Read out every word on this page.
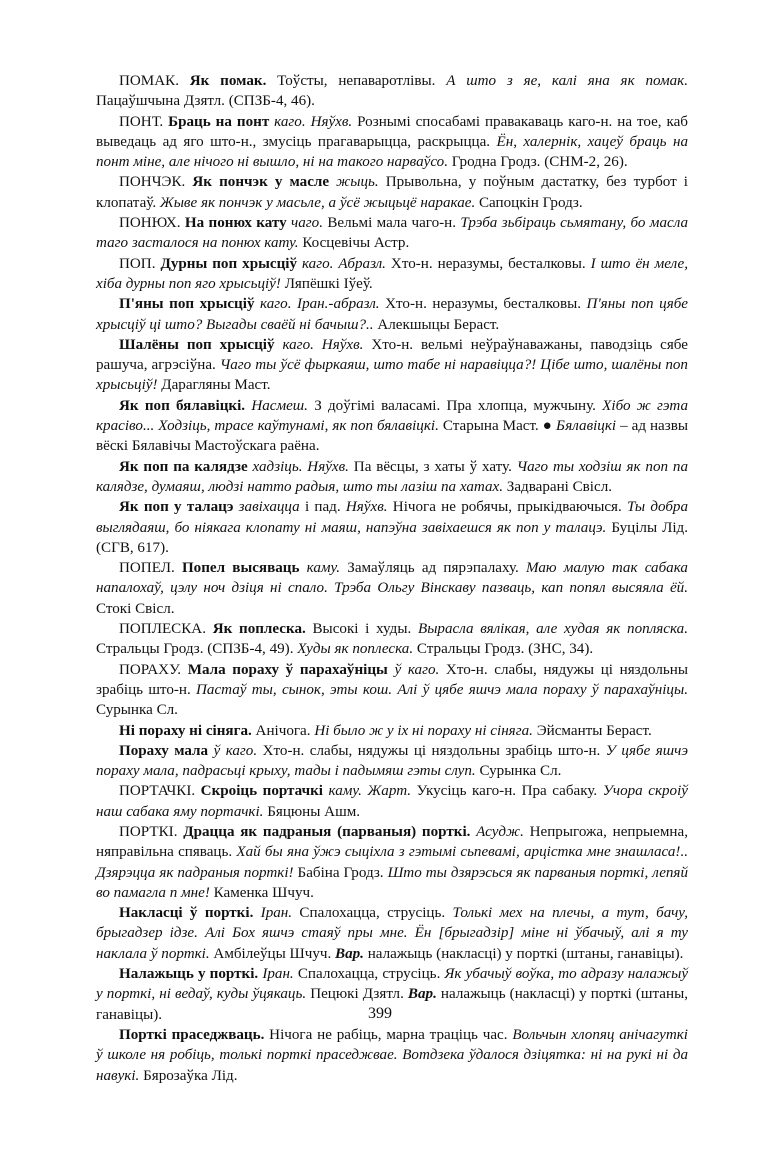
ПОМАК. Як помак. Тоўсты, непаваротлівы. А што з яе, калі яна як помак. Пацаўшчына Дзятл. (СПЗБ-4, 46).

ПОНТ. Браць на понт каго. Няўхв. Рознымі спосабамі правакаваць каго-н. на тое, каб выведаць ад яго што-н., змусіць прагаварыцца, раскрыцца. Ён, халернік, хацеў браць на понт міне, але нічого ні вышло, ні на такого нарваўсо. Гродна Гродз. (СНМ-2, 26).

ПОНЧЭК. Як пончэк у масле жыць. Прывольна, у поўным дастатку, без турбот і клопатаў. Жыве як пончэк у масьле, а ўсё жыцьцё наракае. Сапоцкін Гродз.

ПОНЮХ. На понюх кату чаго. Вельмі мала чаго-н. Трэба зьбіраць сьмятану, бо масла таго засталося на понюх кату. Косцевічы Астр.

ПОП. Дурны поп хрысціў каго. Абразл. Хто-н. неразумы, бесталковы. І што ён меле, хіба дурны поп яго хрысьціў! Ляпёшкі Іўеў.

П'яны поп хрысціў каго. Іран.-абразл. Хто-н. неразумы, бесталковы. П'яны поп цябе хрысціў ці што? Выгады сваёй ні бачыш?.. Алекшыцы Бераст.

Шалёны поп хрысціў каго. Няўхв. Хто-н. вельмі неўраўнаважаны, паводзіць сябе рашуча, агрэсіўна. Чаго ты ўсё фыркаяш, што табе ні наравіцца?! Цібе што, шалёны поп хрысьціў! Дарагляны Маст.

Як поп бялавіцкі. Насмеш. З доўгімі валасамі. Пра хлопца, мужчыну. Хібо ж гэта красіво... Ходзіць, трасе каўтунамі, як поп бялавіцкі. Старына Маст. ● Бялавіцкі – ад назвы вёскі Бялавічы Мастоўскага раёна.

Як поп па калядзе хадзіць. Няўхв. Па вёсцы, з хаты ў хату. Чаго ты ходзіш як поп па калядзе, думаяш, людзі натто радыя, што ты лазіш па хатах. Задварані Свісл.

Як поп у талацэ завіхацца і пад. Няўхв. Нічога не робячы, прыкідваючыся. Ты добра выглядаяш, бо ніякага клопату ні маяш, напэўна завіхаешся як поп у талацэ. Буцілы Лід. (СГВ, 617).

ПОПЕЛ. Попел высяваць каму. Замаўляць ад пярэпалаху. Маю малую так сабака напалохаў, цэлу ноч дзіця ні спало. Трэба Ольгу Вінскаву пазваць, кап попял высяяла ёй. Стокі Свісл.

ПОПЛЕСКА. Як поплеска. Высокі і худы. Вырасла вялікая, але худая як попляска. Стральцы Гродз. (СПЗБ-4, 49). Худы як поплеска. Стральцы Гродз. (ЗНС, 34).

ПОРАХУ. Мала пораху ў парахаўніцы ў каго. Хто-н. слабы, нядужы ці няздольны зрабіць што-н. Пастаў ты, сынок, эты кош. Алі ў цябе яшчэ мала пораху ў парахаўніцы. Сурынка Сл.

Ні пораху ні сіняга. Анічога. Ні было ж у іх ні пораху ні сіняга. Эйсманты Бераст.

Пораху мала ў каго. Хто-н. слабы, нядужы ці няздольны зрабіць што-н. У цябе яшчэ пораху мала, падрасьці крыху, тады і падымяш гэты слуп. Сурынка Сл.

ПОРТАЧКІ. Скроіць портачкі каму. Жарт. Укусіць каго-н. Пра сабаку. Учора скроіў наш сабака яму портачкі. Бяцюны Ашм.

ПОРТКІ. Драцца як падраныя (парваныя) порткі. Асудж. Непрыгожа, непрыемна, няправільна спяваць. Хай бы яна ўжэ сыціхла з гэтымі сьпевамі, арцістка мне знашласа!.. Дзярэцца як падраныя порткі! Бабіна Гродз. Што ты дзярэсься як парваныя порткі, лепяй во памагла п мне! Каменка Шчуч.

Накласці ў порткі. Іран. Спалохацца, струсіць. Толькі мех на плечы, а тут, бачу, брыгадзер ідзе. Алі Бох яшчэ стаяў пры мне. Ён [брыгадзір] міне ні ўбачыў, алі я ту наклала ў порткі. Амбілеўцы Шчуч. Вар. налажыць (накласці) у порткі (штаны, ганавіцы).

Налажыць у порткі. Іран. Спалохацца, струсіць. Як убачыў воўка, то адразу налажыў у порткі, ні ведаў, куды ўцякаць. Пецюкі Дзятл. Вар. налажыць (накласці) у порткі (штаны, ганавіцы).

Порткі праседжваць. Нічога не рабіць, марна траціць час. Вольчын хлопяц анічагуткі ў школе ня робіць, толькі порткі праседжвае. Вотдзека ўдалося дзіцятка: ні на рукі ні да навукі. Бярозаўка Лід.

399
